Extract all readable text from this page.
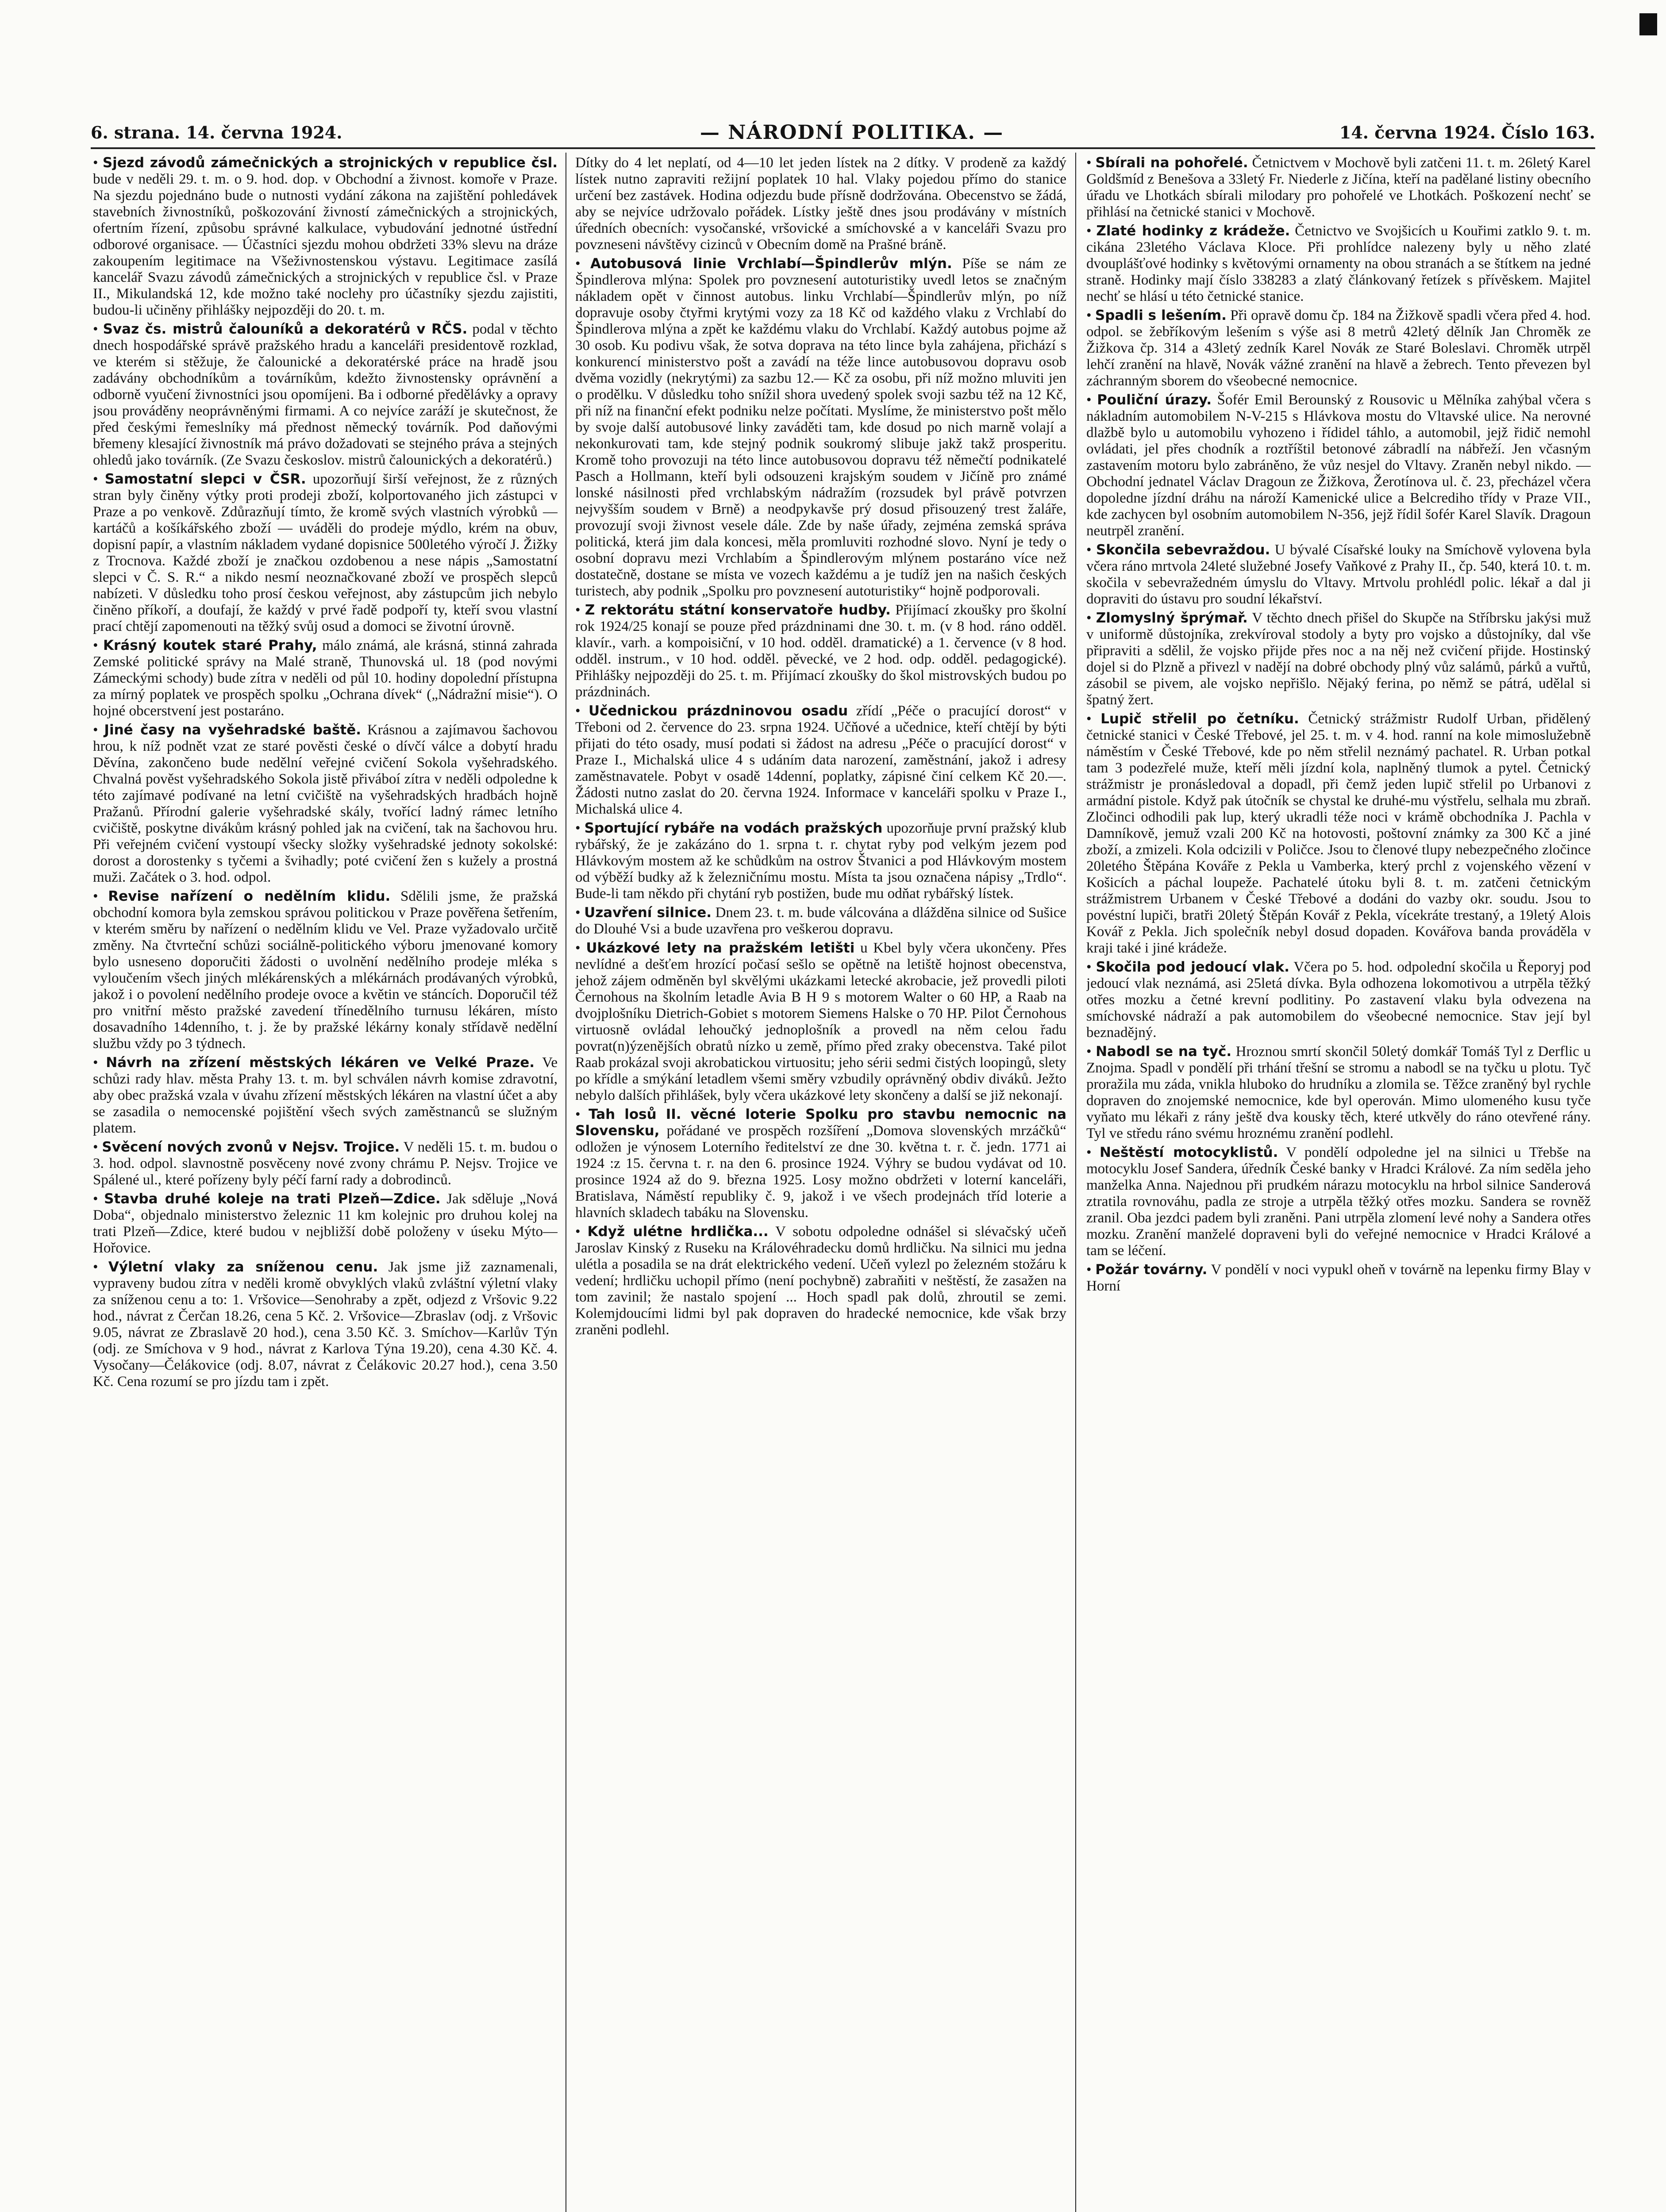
6. strana. 14. června 1924.	— NÁRODNÍ POLITIKA. —	14. června 1924. Číslo 163.

• Sjezd závodů zámečnických a strojnických v republice čsl. bude v neděli 29. t. m. o 9. hod. dop. v Obchodní a živnost. komoře v Praze. Na sjezdu pojednáno bude o nutnosti vydání zákona na zajištění pohledávek stavebních živnostníků, poškozování živností zámečnických a strojnických, ofertním řízení, způsobu správné kalkulace, vybudování jednotné ústřední odborové organisace. — Účastníci sjezdu mohou obdržeti 33% slevu na dráze zakoupením legitimace na Všeživnostenskou výstavu. Legitimace zasílá kancelář Svazu závodů zámečnických a strojnických v republice čsl. v Praze II., Mikulandská 12, kde možno také noclehy pro účastníky sjezdu zajistiti, budou-li učiněny přihlášky nejpozději do 20. t. m.

• Svaz čs. mistrů čalouníků a dekoratérů v RČS. podal v těchto dnech hospodářské správě pražského hradu a kanceláři presidentově rozklad, ve kterém si stěžuje, že čalounické a dekoratérské práce na hradě jsou zadávány obchodníkům a továrníkům, kdežto živnostensky oprávnění a odborně vyučení živnostníci jsou opomíjeni. Ba i odborné předělávky a opravy jsou prováděny neoprávněnými firmami. A co nejvíce zaráží je skutečnost, že před českými řemeslníky má přednost německý továrník. Pod daňovými břemeny klesající živnostník má právo dožadovati se stejného práva a stejných ohledů jako továrník. (Ze Svazu českoslov. mistrů čalounických a dekoratérů.)

• Samostatní slepci v ČSR. upozorňují širší veřejnost, že z různých stran byly činěny výtky proti prodeji zboží, kolportovaného jich zástupci v Praze a po venkově. Zdůrazňují tímto, že kromě svých vlastních výrobků — kartáčů a košíkářského zboží — uváděli do prodeje mýdlo, krém na obuv, dopisní papír, a vlastním nákladem vydané dopisnice 500letého výročí J. Žižky z Trocnova. Každé zboží je značkou ozdobenou a nese nápis „Samostatní slepci v Č. S. R.“ a nikdo nesmí neoznačkované zboží ve prospěch slepců nabízeti. V důsledku toho prosí českou veřejnost, aby zástupcům jich nebylo činěno příkoří, a doufají, že každý v prvé řadě podpoří ty, kteří svou vlastní prací chtějí zapomenouti na těžký svůj osud a domoci se životní úrovně.

• Krásný koutek staré Prahy, málo známá, ale krásná, stinná zahrada Zemské politické správy na Malé straně, Thunovská ul. 18 (pod novými Zámeckými schody) bude zítra v neděli od půl 10. hodiny dopolední přístupna za mírný poplatek ve prospěch spolku „Ochrana dívek“ („Nádražní misie“). O hojné obcerstvení jest postaráno.

• Jiné časy na vyšehradské baště. Krásnou a zajímavou šachovou hrou, k níž podnět vzat ze staré pověsti české o dívčí válce a dobytí hradu Děvína, zakončeno bude nedělní veřejné cvičení Sokola vyšehradského. Chvalná pověst vyšehradského Sokola jistě přiváboí zítra v neděli odpoledne k této zajímavé podívané na letní cvičiště na vyšehradských hradbách hojně Pražanů. Přírodní galerie vyšehradské skály, tvořící ladný rámec letního cvičiště, poskytne divákům krásný pohled jak na cvičení, tak na šachovou hru. Při veřejném cvičení vystoupí všecky složky vyšehradské jednoty sokolské: dorost a dorostenky s tyčemi a švihadly; poté cvičení žen s kužely a prostná muži. Začátek o 3. hod. odpol.

• Revise nařízení o nedělním klidu. Sdělili jsme, že pražská obchodní komora byla zemskou správou politickou v Praze pověřena šetřením, v kterém směru by nařízení o nedělním klidu ve Vel. Praze vyžadovalo určitě změny. Na čtvrteční schůzi sociálně-politického výboru jmenované komory bylo usneseno doporučiti žádosti o uvolnění nedělního prodeje mléka s vyloučením všech jiných mlékárenských a mlékárnách prodávaných výrobků, jakož i o povolení nedělního prodeje ovoce a květin ve stáncích. Doporučil též pro vnitřní město pražské zavedení třínedělního turnusu lékáren, místo dosavadního 14denního, t. j. že by pražské lékárny konaly střídavě nedělní službu vždy po 3 týdnech.

• Návrh na zřízení městských lékáren ve Velké Praze. Ve schůzi rady hlav. města Prahy 13. t. m. byl schválen návrh komise zdravotní, aby obec pražská vzala v úvahu zřízení městských lékáren na vlastní účet a aby se zasadila o nemocenské pojištění všech svých zaměstnanců se služným platem.

• Svěcení nových zvonů v Nejsv. Trojice. V neděli 15. t. m. budou o 3. hod. odpol. slavnostně posvěceny nové zvony chrámu P. Nejsv. Trojice ve Spálené ul., které pořízeny byly péčí farní rady a dobrodinců.

• Stavba druhé koleje na trati Plzeň—Zdice. Jak sděluje „Nová Doba“, objednalo ministerstvo železnic 11 km kolejnic pro druhou kolej na trati Plzeň—Zdice, které budou v nejbližší době položeny v úseku Mýto—Hořovice.

• Výletní vlaky za sníženou cenu. Jak jsme již zaznamenali, vypraveny budou zítra v neděli kromě obvyklých vlaků zvláštní výletní vlaky za sníženou cenu a to: 1. Vršovice—Senohraby a zpět, odjezd z Vršovic 9.22 hod., návrat z Čerčan 18.26, cena 5 Kč. 2. Vršovice—Zbraslav (odj. z Vršovic 9.05, návrat ze Zbraslavě 20 hod.), cena 3.50 Kč. 3. Smíchov—Karlův Týn (odj. ze Smíchova v 9 hod., návrat z Karlova Týna 19.20), cena 4.30 Kč. 4. Vysočany—Čelákovice (odj. 8.07, návrat z Čelákovic 20.27 hod.), cena 3.50 Kč. Cena rozumí se pro jízdu tam i zpět.

Dítky do 4 let neplatí, od 4—10 let jeden lístek na 2 dítky. V prodeně za každý lístek nutno zapraviti režijní poplatek 10 hal. Vlaky pojedou přímo do stanice určení bez zastávek. Hodina odjezdu bude přísně dodržována. Obecenstvo se žádá, aby se nejvíce udržovalo pořádek. Lístky ještě dnes jsou prodávány v místních úředních obecních: vysočanské, vršovické a smíchovské a v kanceláři Svazu pro povzneseni návštěvy cizinců v Obecním domě na Prašné bráně.

• Autobusová linie Vrchlabí—Špindlerův mlýn. Píše se nám ze Špindlerova mlýna: Spolek pro povznesení autoturistiky uvedl letos se značným nákladem opět v činnost autobus. linku Vrchlabí—Špindlerův mlýn, po níž dopravuje osoby čtyřmi krytými vozy za 18 Kč od každého vlaku z Vrchlabí do Špindlerova mlýna a zpět ke každému vlaku do Vrchlabí. Každý autobus pojme až 30 osob. Ku podivu však, že sotva doprava na této lince byla zahájena, přichází s konkurencí ministerstvo pošt a zavádí na téže lince autobusovou dopravu osob dvěma vozidly (nekrytými) za sazbu 12.— Kč za osobu, při níž možno mluviti jen o prodělku. V důsledku toho snížil shora uvedený spolek svoji sazbu též na 12 Kč, při níž na finanční efekt podniku nelze počítati. Myslíme, že ministerstvo pošt mělo by svoje další autobusové linky zaváděti tam, kde dosud po nich marně volají a nekonkurovati tam, kde stejný podnik soukromý slibuje jakž takž prosperitu. Kromě toho provozuji na této lince autobusovou dopravu též němečtí podnikatelé Pasch a Hollmann, kteří byli odsouzeni krajským soudem v Jičíně pro známé lonské násilnosti před vrchlabským nádražím (rozsudek byl právě potvrzen nejvyšším soudem v Brně) a neodpykavše prý dosud přisouzený trest žaláře, provozují svoji živnost vesele dále. Zde by naše úřady, zejména zemská správa politická, která jim dala koncesi, měla promluviti rozhodné slovo. Nyní je tedy o osobní dopravu mezi Vrchlabím a Špindlerovým mlýnem postaráno více než dostatečně, dostane se místa ve vozech každému a je tudíž jen na našich českých turistech, aby podnik „Spolku pro povznesení autoturistiky“ hojně podporovali.

• Z rektorátu státní konservatoře hudby. Přijímací zkoušky pro školní rok 1924/25 konají se pouze před prázdninami dne 30. t. m. (v 8 hod. ráno odděl. klavír., varh. a kompoisiční, v 10 hod. odděl. dramatické) a 1. července (v 8 hod. odděl. instrum., v 10 hod. odděl. pěvecké, ve 2 hod. odp. odděl. pedagogické). Přihlášky nejpozději do 25. t. m. Přijímací zkoušky do škol mistrovských budou po prázdninách.

• Učednickou prázdninovou osadu zřídí „Péče o pracující dorost“ v Třeboni od 2. července do 23. srpna 1924. Učňové a učednice, kteří chtějí by býti přijati do této osady, musí podati si žádost na adresu „Péče o pracující dorost“ v Praze I., Michalská ulice 4 s udáním data narození, zaměstnání, jakož i adresy zaměstnavatele. Pobyt v osadě 14denní, poplatky, zápisné činí celkem Kč 20.—. Žádosti nutno zaslat do 20. června 1924. Informace v kanceláři spolku v Praze I., Michalská ulice 4.

• Sportující rybáře na vodách pražských upozorňuje první pražský klub rybářský, že je zakázáno do 1. srpna t. r. chytat ryby pod velkým jezem pod Hlávkovým mostem až ke schůdkům na ostrov Štvanici a pod Hlávkovým mostem od výběží budky až k železničnímu mostu. Místa ta jsou označena nápisy „Trdlo“. Bude-li tam někdo při chytání ryb postižen, bude mu odňat rybářský lístek.

• Uzavření silnice. Dnem 23. t. m. bude válcována a dlážděna silnice od Sušice do Dlouhé Vsi a bude uzavřena pro veškerou dopravu.

• Ukázkové lety na pražském letišti u Kbel byly včera ukončeny. Přes nevlídné a dešťem hrozící počasí sešlo se opětně na letiště hojnost obecenstva, jehož zájem odměněn byl skvělými ukázkami letecké akrobacie, jež provedli piloti Černohous na školním letadle Avia B H 9 s motorem Walter o 60 HP, a Raab na dvojplošníku Dietrich-Gobiet s motorem Siemens Halske o 70 HP. Pilot Černohous virtuosně ovládal lehoučký jednoplošník a provedl na něm celou řadu povrat(n)ýzenějších obratů nízko u země, přímo před zraky obecenstva. Také pilot Raab prokázal svoji akrobatickou virtuositu; jeho sérii sedmi čistých loopingů, slety po křídle a smýkání letadlem všemi směry vzbudily oprávněný obdiv diváků. Ježto nebylo dalších přihlášek, byly včera ukázkové lety skončeny a další se již nekonají.

• Tah losů II. věcné loterie Spolku pro stavbu nemocnic na Slovensku, pořádané ve prospěch rozšíření „Domova slovenských mrzáčků“ odložen je výnosem Loterního ředitelství ze dne 30. května t. r. č. jedn. 1771 ai 1924 :z 15. června t. r. na den 6. prosince 1924. Výhry se budou vydávat od 10. prosince 1924 až do 9. března 1925. Losy možno obdržeti v loterní kanceláři, Bratislava, Náměstí republiky č. 9, jakož i ve všech prodejnách tříd loterie a hlavních skladech tabáku na Slovensku.

• Když ulétne hrdlička... V sobotu odpoledne odnášel si slévačský učeň Jaroslav Kinský z Ruseku na Královéhradecku domů hrdličku. Na silnici mu jedna ulétla a posadila se na drát elektrického vedení. Učeň vylezl po železném stožáru k vedení; hrdličku uchopil přímo (není pochybně) zabraňiti v neštěstí, že zasažen na tom zavinil; že nastalo spojení ... Hoch spadl pak dolů, zhroutil se zemi. Kolemjdoucími lidmi byl pak dopraven do hradecké nemocnice, kde však brzy zraněni podlehl.

• Sbírali na pohořelé. Četnictvem v Mochově byli zatčeni 11. t. m. 26letý Karel Goldšmíd z Benešova a 33letý Fr. Niederle z Jičína, kteří na padělané listiny obecního úřadu ve Lhotkách sbírali milodary pro pohořelé ve Lhotkách. Poškození nechť se přihlásí na četnické stanici v Mochově.

• Zlaté hodinky z krádeže. Četnictvo ve Svojšicích u Kouřimi zatklo 9. t. m. cikána 23letého Václava Kloce. Při prohlídce nalezeny byly u něho zlaté dvouplášťové hodinky s květovými ornamenty na obou stranách a se štítkem na jedné straně. Hodinky mají číslo 338283 a zlatý článkovaný řetízek s přívěskem. Majitel nechť se hlásí u této četnické stanice.

• Spadli s lešením. Při opravě domu čp. 184 na Žižkově spadli včera před 4. hod. odpol. se žebříkovým lešením s výše asi 8 metrů 42letý dělník Jan Chroměk ze Žižkova čp. 314 a 43letý zedník Karel Novák ze Staré Boleslavi. Chroměk utrpěl lehčí zranění na hlavě, Novák vážné zranění na hlavě a žebrech. Tento převezen byl záchranným sborem do všeobecné nemocnice.

• Pouliční úrazy. Šofér Emil Berounský z Rousovic u Mělníka zahýbal včera s nákladním automobilem N-V-215 s Hlávkova mostu do Vltavské ulice. Na nerovné dlažbě bylo u automobilu vyhozeno i řídidel táhlo, a automobil, jejž řidič nemohl ovládati, jel přes chodník a roztříštil betonové zábradlí na nábřeží. Jen včasným zastavením motoru bylo zabráněno, že vůz nesjel do Vltavy. Zraněn nebyl nikdo. — Obchodní jednatel Václav Dragoun ze Žižkova, Žerotínova ul. č. 23, přecházel včera dopoledne jízdní dráhu na nároží Kamenické ulice a Belcrediho třídy v Praze VII., kde zachycen byl osobním automobilem N-356, jejž řídil šofér Karel Slavík. Dragoun neutrpěl zranění.

• Skončila sebevraždou. U bývalé Císařské louky na Smíchově vylovena byla včera ráno mrtvola 24leté služebné Josefy Vaňkové z Prahy II., čp. 540, která 10. t. m. skočila v sebevražedném úmyslu do Vltavy. Mrtvolu prohlédl polic. lékař a dal ji dopraviti do ústavu pro soudní lékařství.

• Zlomyslný šprýmař. V těchto dnech přišel do Skupče na Stříbrsku jakýsi muž v uniformě důstojníka, zrekvíroval stodoly a byty pro vojsko a důstojníky, dal vše připraviti a sdělil, že vojsko přijde přes noc a na něj než cvičení přijde. Hostinský dojel si do Plzně a přivezl v nadějí na dobré obchody plný vůz salámů, párků a vuřtů, zásobil se pivem, ale vojsko nepřišlo. Nějaký ferina, po němž se pátrá, udělal si špatný žert.

• Lupič střelil po četníku. Četnický strážmistr Rudolf Urban, přidělený četnické stanici v České Třebové, jel 25. t. m. v 4. hod. ranní na kole mimoslužebně náměstím v České Třebové, kde po něm střelil neznámý pachatel. R. Urban potkal tam 3 podezřelé muže, kteří měli jízdní kola, naplněný tlumok a pytel. Četnický strážmistr je pronásledoval a dopadl, při čemž jeden lupič střelil po Urbanovi z armádní pistole. Když pak útočník se chystal ke druhé-mu výstřelu, selhala mu zbraň. Zločinci odhodili pak lup, který ukradli téže noci v krámě obchodníka J. Pachla v Damníkově, jemuž vzali 200 Kč na hotovosti, poštovní známky za 300 Kč a jiné zboží, a zmizeli. Kola odcizili v Poličce. Jsou to členové tlupy nebezpečného zločince 20letého Štěpána Kováře z Pekla u Vamberka, který prchl z vojenského vězení v Košicích a páchal loupeže. Pachatelé útoku byli 8. t. m. zatčeni četnickým strážmistrem Urbanem v České Třebové a dodáni do vazby okr. soudu. Jsou to povéstní lupiči, bratři 20letý Štěpán Kovář z Pekla, vícekráte trestaný, a 19letý Alois Kovář z Pekla. Jich společník nebyl dosud dopaden. Kovářova banda prováděla v kraji také i jiné krádeže.

• Skočila pod jedoucí vlak. Včera po 5. hod. odpolední skočila u Řeporyj pod jedoucí vlak neznámá, asi 25letá dívka. Byla odhozena lokomotivou a utrpěla těžký otřes mozku a četné krevní podlitiny. Po zastavení vlaku byla odvezena na smíchovské nádraží a pak automobilem do všeobecné nemocnice. Stav její byl beznadějný.

• Nabodl se na tyč. Hroznou smrtí skončil 50letý domkář Tomáš Tyl z Derflic u Znojma. Spadl v pondělí při trhání třešní se stromu a nabodl se na tyčku u plotu. Tyč proražila mu záda, vnikla hluboko do hrudníku a zlomila se. Těžce zraněný byl rychle dopraven do znojemské nemocnice, kde byl operován. Mimo ulomeného kusu tyče vyňato mu lékaři z rány ještě dva kousky těch, které utkvěly do ráno otevřené rány. Tyl ve středu ráno svému hroznému zranění podlehl.

• Neštěstí motocyklistů. V pondělí odpoledne jel na silnici u Třebše na motocyklu Josef Sanderа, úředník České banky v Hradci Králové. Za ním seděla jeho manželka Anna. Najednou při prudkém nárazu motocyklu na hrbol silnice Sanderová ztratila rovnováhu, padla ze stroje a utrpěla těžký otřes mozku. Sandera se rovněž zranil. Oba jezdci padem byli zraněni. Pani utrpěla zlomení levé nohy a Sandera otřes mozku. Zranění manželé dopraveni byli do veřejné nemocnice v Hradci Králové a tam se léčení.

• Požár továrny. V pondělí v noci vypukl oheň v továrně na lepenku firmy Blay v Horní
